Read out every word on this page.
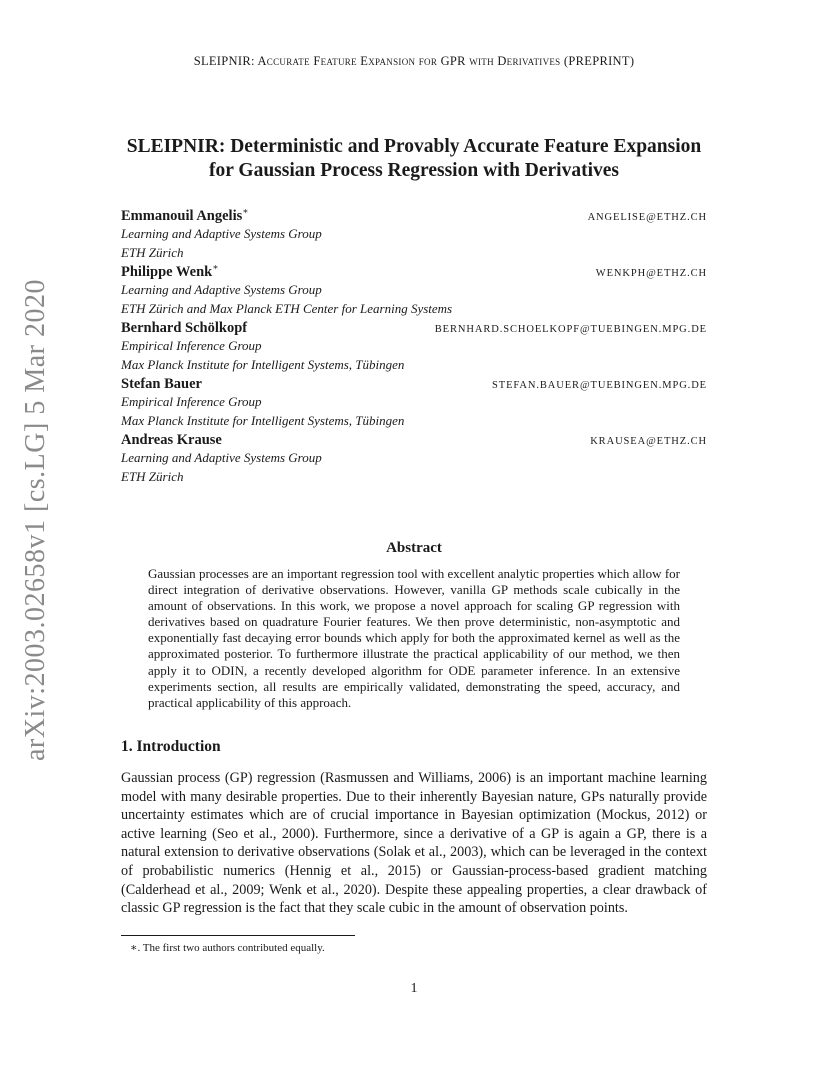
SLEIPNIR: Accurate Feature Expansion for GPR with Derivatives (PREPRINT)
arXiv:2003.02658v1 [cs.LG] 5 Mar 2020
SLEIPNIR: Deterministic and Provably Accurate Feature Expansion
for Gaussian Process Regression with Derivatives
Emmanouil Angelis∗
ANGELISE@ETHZ.CH
Learning and Adaptive Systems Group
ETH Zürich
Philippe Wenk∗
WENKPH@ETHZ.CH
Learning and Adaptive Systems Group
ETH Zürich and Max Planck ETH Center for Learning Systems
Bernhard Schölkopf	BERNHARD.SCHOELKOPF@TUEBINGEN.MPG.DE
Empirical Inference Group
Max Planck Institute for Intelligent Systems, Tübingen
Stefan Bauer	STEFAN.BAUER@TUEBINGEN.MPG.DE
Empirical Inference Group
Max Planck Institute for Intelligent Systems, Tübingen
Andreas Krause	KRAUSEA@ETHZ.CH
Learning and Adaptive Systems Group
ETH Zürich
Abstract
Gaussian processes are an important regression tool with excellent analytic properties which allow for direct integration of derivative observations. However, vanilla GP methods scale cubically in the amount of observations. In this work, we propose a novel approach for scaling GP regression with derivatives based on quadrature Fourier features. We then prove deterministic, non-asymptotic and exponentially fast decaying error bounds which apply for both the approximated kernel as well as the approximated posterior. To furthermore illustrate the practical applicability of our method, we then apply it to ODIN, a recently developed algorithm for ODE parameter inference. In an extensive experiments section, all results are empirically validated, demonstrating the speed, accuracy, and practical applicability of this approach.
1. Introduction
Gaussian process (GP) regression (Rasmussen and Williams, 2006) is an important machine learning model with many desirable properties. Due to their inherently Bayesian nature, GPs naturally provide uncertainty estimates which are of crucial importance in Bayesian optimization (Mockus, 2012) or active learning (Seo et al., 2000). Furthermore, since a derivative of a GP is again a GP, there is a natural extension to derivative observations (Solak et al., 2003), which can be leveraged in the context of probabilistic numerics (Hennig et al., 2015) or Gaussian-process-based gradient matching (Calderhead et al., 2009; Wenk et al., 2020). Despite these appealing properties, a clear drawback of classic GP regression is the fact that they scale cubic in the amount of observation points.
∗. The first two authors contributed equally.
1
